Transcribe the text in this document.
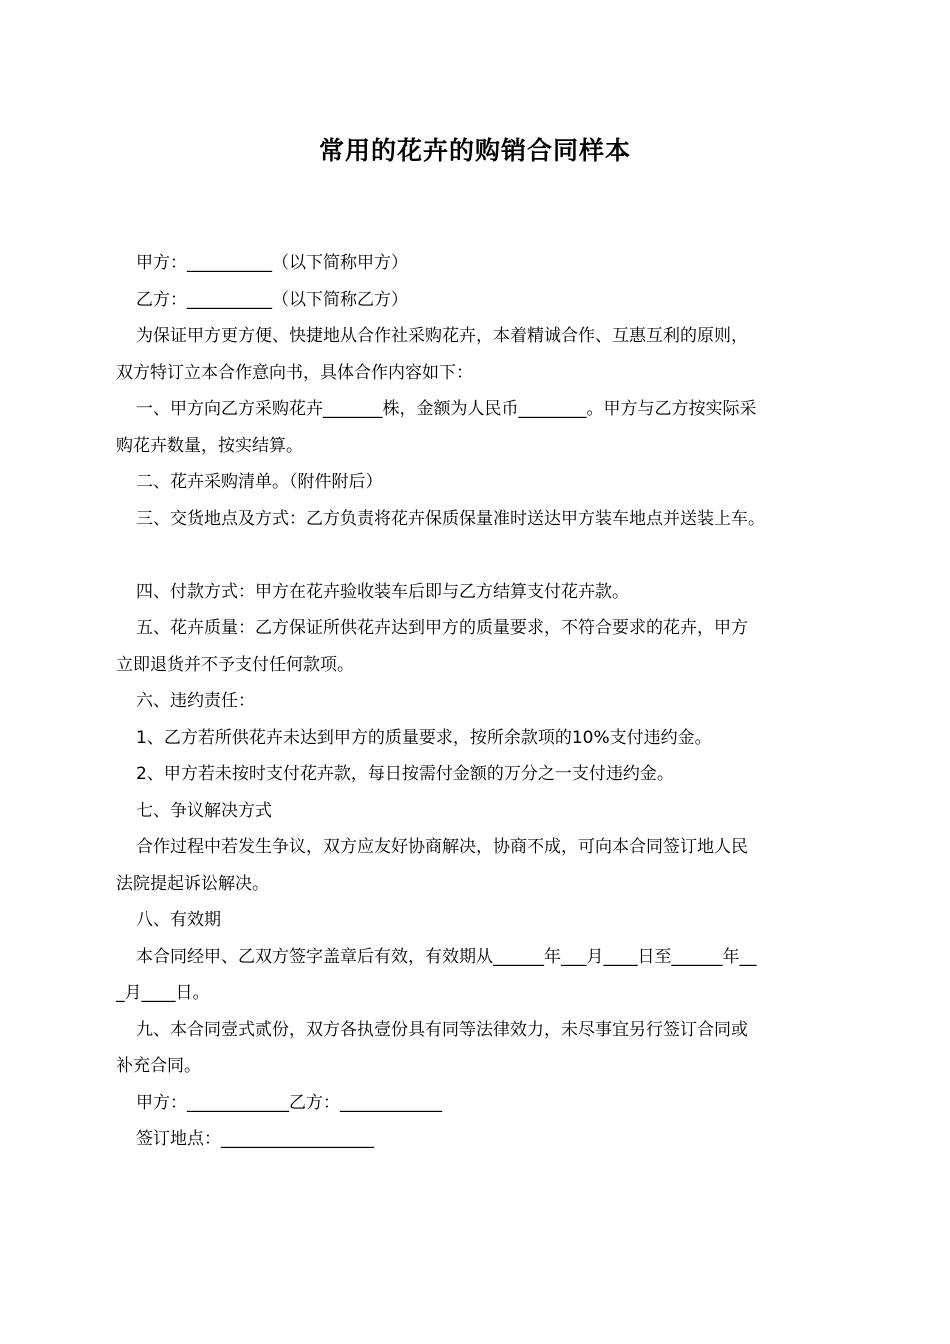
常用的花卉的购销合同样本

甲方：__________（以下简称甲方）

乙方：__________（以下简称乙方）

为保证甲方更方便、快捷地从合作社采购花卉，本着精诚合作、互惠互利的原则，

双方特订立本合作意向书，具体合作内容如下：

一、甲方向乙方采购花卉_______株，金额为人民币________。甲方与乙方按实际采

购花卉数量，按实结算。

二、花卉采购清单。（附件附后）

三、交货地点及方式：乙方负责将花卉保质保量准时送达甲方装车地点并送装上车。

四、付款方式：甲方在花卉验收装车后即与乙方结算支付花卉款。

五、花卉质量：乙方保证所供花卉达到甲方的质量要求，不符合要求的花卉，甲方

立即退货并不予支付任何款项。

六、违约责任：

1、乙方若所供花卉未达到甲方的质量要求，按所余款项的10%支付违约金。

2、甲方若未按时支付花卉款，每日按需付金额的万分之一支付违约金。

七、争议解决方式

合作过程中若发生争议，双方应友好协商解决，协商不成，可向本合同签订地人民

法院提起诉讼解决。

八、有效期

本合同经甲、乙双方签字盖章后有效，有效期从______年___月____日至______年__

_月____日。

九、本合同壹式贰份，双方各执壹份具有同等法律效力，未尽事宜另行签订合同或

补充合同。

甲方：____________乙方：____________

签订地点：__________________
